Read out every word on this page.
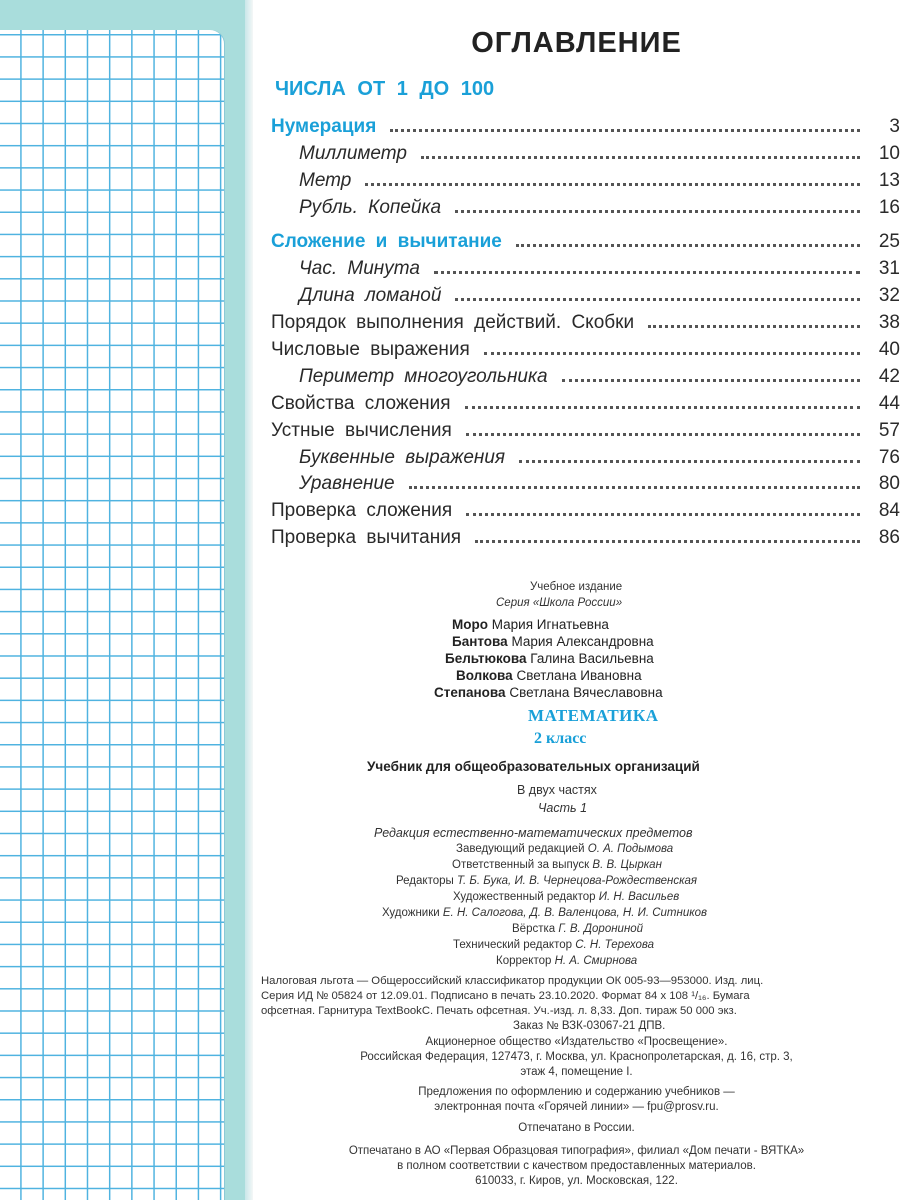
ОГЛАВЛЕНИЕ
ЧИСЛА ОТ 1 ДО 100
Нумерация	3
Миллиметр	10
Метр	13
Рубль. Копейка	16
Сложение и вычитание	25
Час. Минута	31
Длина ломаной	32
Порядок выполнения действий. Скобки	38
Числовые выражения	40
Периметр многоугольника	42
Свойства сложения	44
Устные вычисления	57
Буквенные выражения	76
Уравнение	80
Проверка сложения	84
Проверка вычитания	86
Учебное издание
Серия «Школа России»
Моро Мария Игнатьевна
Бантова Мария Александровна
Бельтюкова Галина Васильевна
Волкова Светлана Ивановна
Степанова Светлана Вячеславовна
МАТЕМАТИКА
2 класс
Учебник для общеобразовательных организаций
В двух частях
Часть 1
Редакция естественно-математических предметов
Заведующий редакцией О. А. Подымова
Ответственный за выпуск В. В. Цыркан
Редакторы Т. Б. Бука, И. В. Чернецова-Рождественская
Художественный редактор И. Н. Васильев
Художники Е. Н. Салогова, Д. В. Валенцова, Н. И. Ситников
Вёрстка Г. В. Дорониной
Технический редактор С. Н. Терехова
Корректор Н. А. Смирнова
Налоговая льгота — Общероссийский классификатор продукции ОК 005-93—953000. Изд. лиц.
Серия ИД № 05824 от 12.09.01. Подписано в печать 23.10.2020. Формат 84 х 108 ¹/₁₆. Бумага
офсетная. Гарнитура TextBookC. Печать офсетная. Уч.-изд. л. 8,33. Доп. тираж 50 000 экз.
Заказ № ВЗК-03067-21 ДПВ.
Акционерное общество «Издательство «Просвещение».
Российская Федерация, 127473, г. Москва, ул. Краснопролетарская, д. 16, стр. 3,
этаж 4, помещение I.
Предложения по оформлению и содержанию учебников —
электронная почта «Горячей линии» — fpu@prosv.ru.
Отпечатано в России.
Отпечатано в АО «Первая Образцовая типография», филиал «Дом печати - ВЯТКА»
в полном соответствии с качеством предоставленных материалов.
610033, г. Киров, ул. Московская, 122.
